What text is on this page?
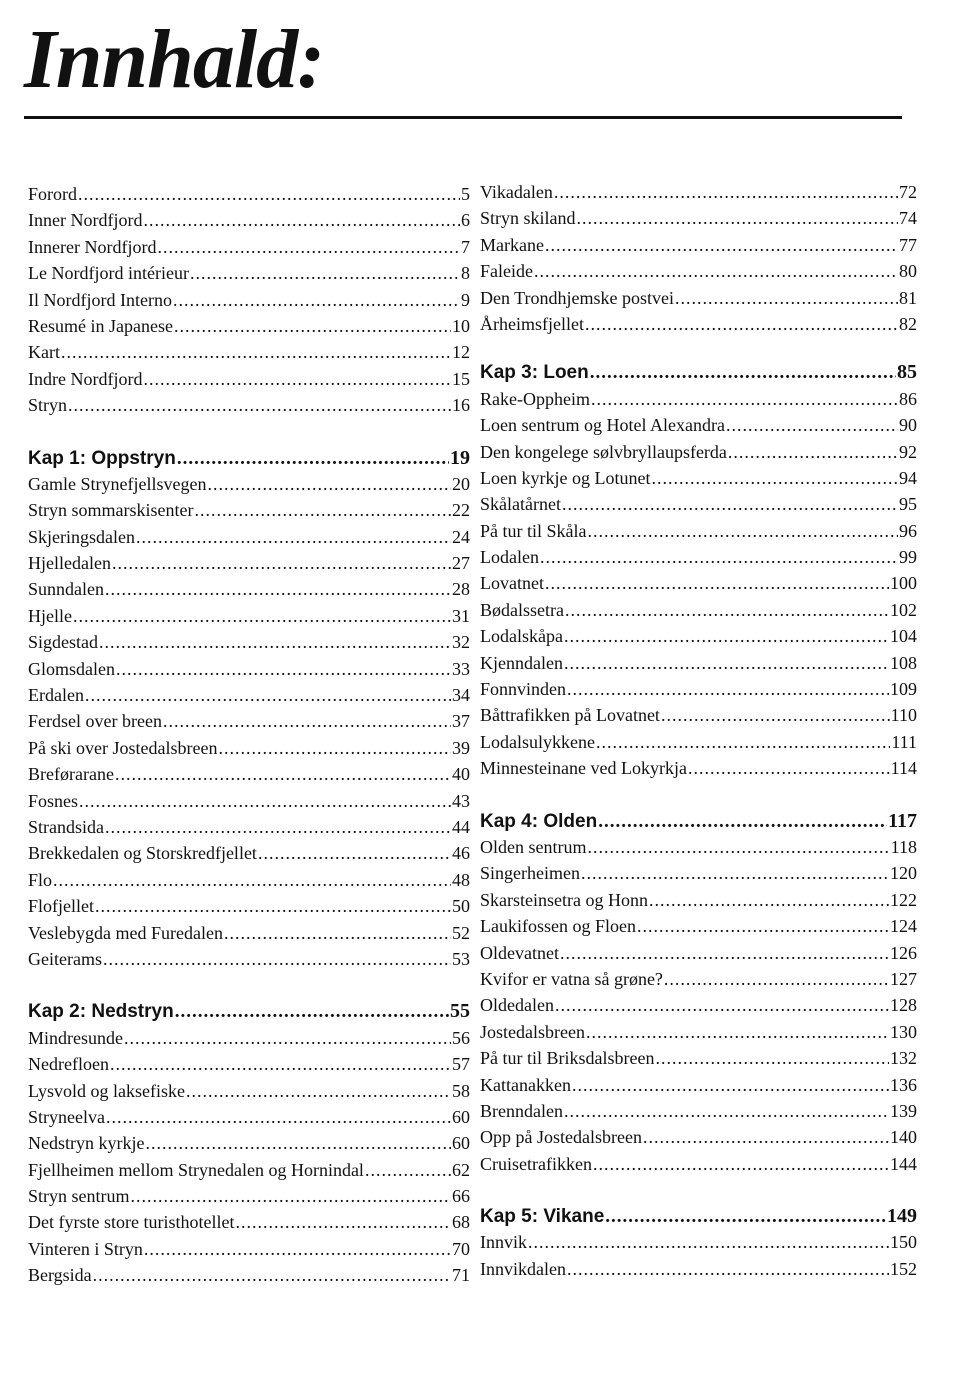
Innhald:
Forord .....	5
Inner Nordfjord .....	6
Innerer Nordfjord .....	7
Le Nordfjord intérieur .....	8
Il Nordfjord Interno .....	9
Resumé in Japanese .....	10
Kart .....	12
Indre Nordfjord .....	15
Stryn .....	16
Kap 1: Oppstryn .....	19
Gamle Strynefjellsvegen .....	20
Stryn sommarskisenter .....	22
Skjeringsdalen .....	24
Hjelledalen .....	27
Sunndalen .....	28
Hjelle .....	31
Sigdestad .....	32
Glomsdalen .....	33
Erdalen .....	34
Ferdsel over breen .....	37
På ski over Jostedalsbreen .....	39
Breførarane .....	40
Fosnes .....	43
Strandsida .....	44
Brekkedalen og Storskredfjellet .....	46
Flo .....	48
Flofjellet .....	50
Veslebygda med Furedalen .....	52
Geiterams .....	53
Kap 2: Nedstryn .....	55
Mindresunde .....	56
Nedrefloen .....	57
Lysvold og laksefiske .....	58
Stryneelva .....	60
Nedstryn kyrkje .....	60
Fjellheimen mellom Strynedalen og Hornindal .....	62
Stryn sentrum .....	66
Det fyrste store turisthotellet .....	68
Vinteren i Stryn .....	70
Bergsida .....	71
Vikadalen .....	72
Stryn skiland .....	74
Markane .....	77
Faleide .....	80
Den Trondhjemske postvei .....	81
Årheimsfjellet .....	82
Kap 3: Loen .....	85
Rake-Oppheim .....	86
Loen sentrum og Hotel Alexandra .....	90
Den kongelege sølvbryllaupsferda .....	92
Loen kyrkje og Lotunet .....	94
Skålatårnet .....	95
På tur til Skåla .....	96
Lodalen .....	99
Lovatnet .....	100
Bødalssetra .....	102
Lodalskåpa .....	104
Kjenndalen .....	108
Fonnvinden .....	109
Båttrafikken på Lovatnet .....	110
Lodalsulykkene .....	111
Minnesteinane ved Lokyrkja .....	114
Kap 4: Olden .....	117
Olden sentrum .....	118
Singerheimen .....	120
Skarsteinsetra og Honn .....	122
Laukifossen og Floen .....	124
Oldevatnet .....	126
Kvifor er vatna så grøne? .....	127
Oldedalen .....	128
Jostedalsbreen .....	130
På tur til Briksdalsbreen .....	132
Kattanakken .....	136
Brenndalen .....	139
Opp på Jostedalsbreen .....	140
Cruisetrafikken .....	144
Kap 5: Vikane .....	149
Innvik .....	150
Innvikdalen .....	152
